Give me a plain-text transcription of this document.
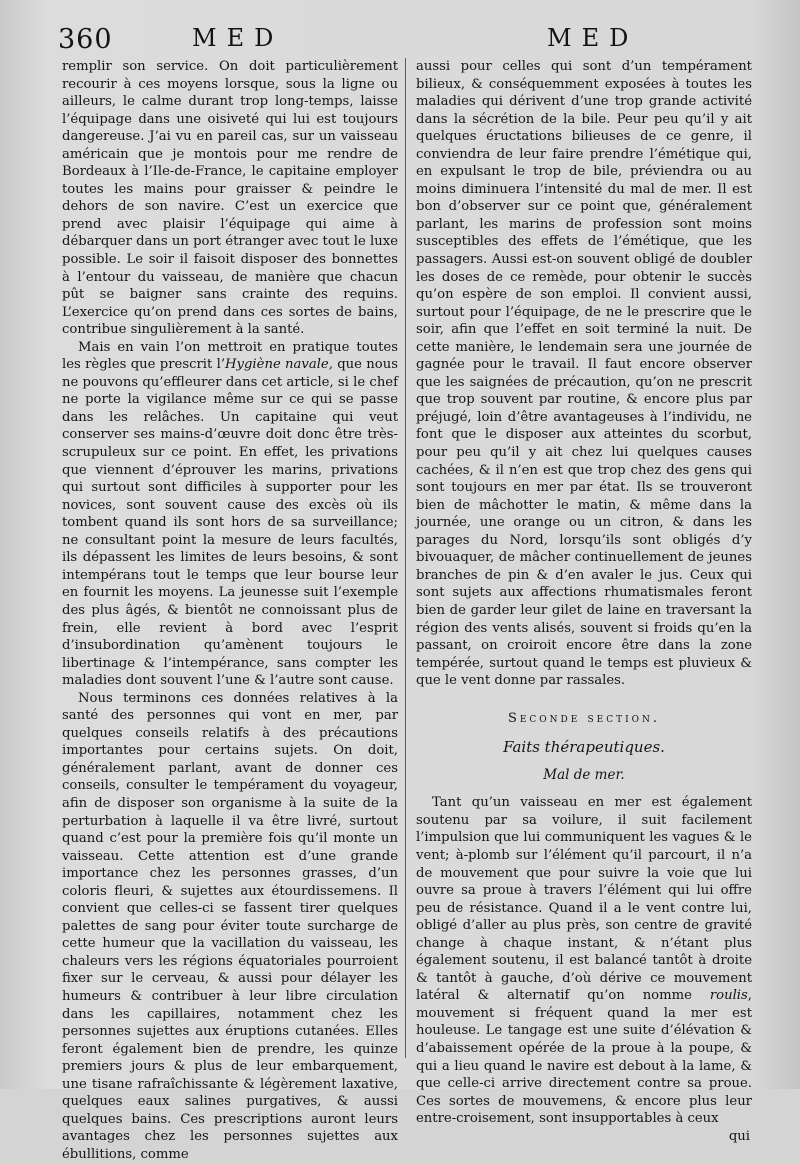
360	MED	MED

remplir son service. On doit particulièrement recourir à ces moyens lorsque, sous la ligne ou ailleurs, le calme durant trop long-temps, laisse l’équipage dans une oisiveté qui lui est toujours dangereuse. J’ai vu en pareil cas, sur un vaisseau américain que je montois pour me rendre de Bordeaux à l’Ile-de-France, le capitaine employer toutes les mains pour graisser & peindre le dehors de son navire. C’est un exercice que prend avec plaisir l’équipage qui aime à débarquer dans un port étranger avec tout le luxe possible. Le soir il faisoit disposer des bonnettes à l’entour du vaisseau, de manière que chacun pût se baigner sans crainte des requins. L’exercice qu’on prend dans ces sortes de bains, contribue singulièrement à la santé.

Mais en vain l’on mettroit en pratique toutes les règles que prescrit l’Hygiène navale, que nous ne pouvons qu’effleurer dans cet article, si le chef ne porte la vigilance même sur ce qui se passe dans les relâches. Un capitaine qui veut conserver ses mains-d’œuvre doit donc être très-scrupuleux sur ce point. En effet, les privations que viennent d’éprouver les marins, privations qui surtout sont difficiles à supporter pour les novices, sont souvent cause des excès où ils tombent quand ils sont hors de sa surveillance; ne consultant point la mesure de leurs facultés, ils dépassent les limites de leurs besoins, & sont intempérans tout le temps que leur bourse leur en fournit les moyens. La jeunesse suit l’exemple des plus âgés, & bientôt ne connoissant plus de frein, elle revient à bord avec l’esprit d’insubordination qu’amènent toujours le libertinage & l’intempérance, sans compter les maladies dont souvent l’une & l’autre sont cause.

Nous terminons ces données relatives à la santé des personnes qui vont en mer, par quelques conseils relatifs à des précautions importantes pour certains sujets. On doit, généralement parlant, avant de donner ces conseils, consulter le tempérament du voyageur, afin de disposer son organisme à la suite de la perturbation à laquelle il va être livré, surtout quand c’est pour la première fois qu’il monte un vaisseau. Cette attention est d’une grande importance chez les personnes grasses, d’un coloris fleuri, & sujettes aux étourdissemens. Il convient que celles-ci se fassent tirer quelques palettes de sang pour éviter toute surcharge de cette humeur que la vacillation du vaisseau, les chaleurs vers les régions équatoriales pourroient fixer sur le cerveau, & aussi pour délayer les humeurs & contribuer à leur libre circulation dans les capillaires, notamment chez les personnes sujettes aux éruptions cutanées. Elles feront également bien de prendre, les quinze premiers jours & plus de leur embarquement, une tisane rafraîchissante & légèrement laxative, quelques eaux salines purgatives, & aussi quelques bains. Ces prescriptions auront leurs avantages chez les personnes sujettes aux ébullitions, comme

aussi pour celles qui sont d’un tempérament bilieux, & conséquemment exposées à toutes les maladies qui dérivent d’une trop grande activité dans la sécrétion de la bile. Peur peu qu’il y ait quelques éructations bilieuses de ce genre, il conviendra de leur faire prendre l’émétique qui, en expulsant le trop de bile, préviendra ou au moins diminuera l’intensité du mal de mer. Il est bon d’observer sur ce point que, généralement parlant, les marins de profession sont moins susceptibles des effets de l’émétique, que les passagers. Aussi est-on souvent obligé de doubler les doses de ce remède, pour obtenir le succès qu’on espère de son emploi. Il convient aussi, surtout pour l’équipage, de ne le prescrire que le soir, afin que l’effet en soit terminé la nuit. De cette manière, le lendemain sera une journée de gagnée pour le travail. Il faut encore observer que les saignées de précaution, qu’on ne prescrit que trop souvent par routine, & encore plus par préjugé, loin d’être avantageuses à l’individu, ne font que le disposer aux atteintes du scorbut, pour peu qu’il y ait chez lui quelques causes cachées, & il n’en est que trop chez des gens qui sont toujours en mer par état. Ils se trouveront bien de mâchotter le matin, & même dans la journée, une orange ou un citron, & dans les parages du Nord, lorsqu’ils sont obligés d’y bivouaquer, de mâcher continuellement de jeunes branches de pin & d’en avaler le jus. Ceux qui sont sujets aux affections rhumatismales feront bien de garder leur gilet de laine en traversant la région des vents alisés, souvent si froids qu’en la passant, on croiroit encore être dans la zone tempérée, surtout quand le temps est pluvieux & que le vent donne par rassales.

Seconde section.
Faits thérapeutiques.
Mal de mer.

Tant qu’un vaisseau en mer est également soutenu par sa voilure, il suit facilement l’impulsion que lui communiquent les vagues & le vent; à-plomb sur l’élément qu’il parcourt, il n’a de mouvement que pour suivre la voie que lui ouvre sa proue à travers l’élément qui lui offre peu de résistance. Quand il a le vent contre lui, obligé d’aller au plus près, son centre de gravité change à chaque instant, & n’étant plus également soutenu, il est balancé tantôt à droite & tantôt à gauche, d’où dérive ce mouvement latéral & alternatif qu’on nomme roulis, mouvement si fréquent quand la mer est houleuse. Le tangage est une suite d’élévation & d’abaissement opérée de la proue à la poupe, & qui a lieu quand le navire est debout à la lame, & que celle-ci arrive directement contre sa proue. Ces sortes de mouvemens, & encore plus leur entre-croisement, sont insupportables à ceux

qui
